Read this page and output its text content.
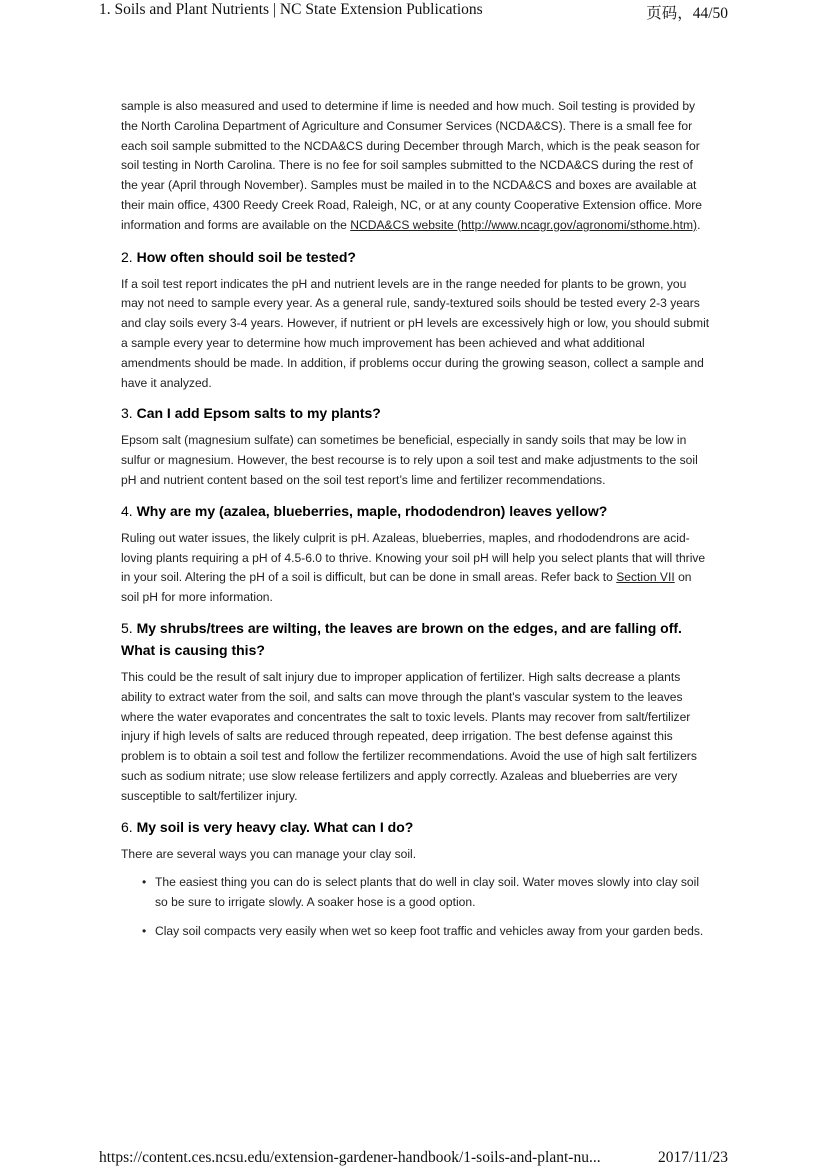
1. Soils and Plant Nutrients | NC State Extension Publications	页码，44/50

sample is also measured and used to determine if lime is needed and how much. Soil testing is provided by the North Carolina Department of Agriculture and Consumer Services (NCDA&CS). There is a small fee for each soil sample submitted to the NCDA&CS during December through March, which is the peak season for soil testing in North Carolina. There is no fee for soil samples submitted to the NCDA&CS during the rest of the year (April through November). Samples must be mailed in to the NCDA&CS and boxes are available at their main office, 4300 Reedy Creek Road, Raleigh, NC, or at any county Cooperative Extension office. More information and forms are available on the NCDA&CS website (http://www.ncagr.gov/agronomi/sthome.htm).

2. How often should soil be tested?

If a soil test report indicates the pH and nutrient levels are in the range needed for plants to be grown, you may not need to sample every year. As a general rule, sandy-textured soils should be tested every 2-3 years and clay soils every 3-4 years. However, if nutrient or pH levels are excessively high or low, you should submit a sample every year to determine how much improvement has been achieved and what additional amendments should be made. In addition, if problems occur during the growing season, collect a sample and have it analyzed.

3. Can I add Epsom salts to my plants?

Epsom salt (magnesium sulfate) can sometimes be beneficial, especially in sandy soils that may be low in sulfur or magnesium. However, the best recourse is to rely upon a soil test and make adjustments to the soil pH and nutrient content based on the soil test report’s lime and fertilizer recommendations.

4. Why are my (azalea, blueberries, maple, rhododendron) leaves yellow?

Ruling out water issues, the likely culprit is pH. Azaleas, blueberries, maples, and rhododendrons are acid-loving plants requiring a pH of 4.5-6.0 to thrive. Knowing your soil pH will help you select plants that will thrive in your soil. Altering the pH of a soil is difficult, but can be done in small areas. Refer back to Section VII on soil pH for more information.

5. My shrubs/trees are wilting, the leaves are brown on the edges, and are falling off. What is causing this?

This could be the result of salt injury due to improper application of fertilizer. High salts decrease a plants ability to extract water from the soil, and salts can move through the plant's vascular system to the leaves where the water evaporates and concentrates the salt to toxic levels. Plants may recover from salt/fertilizer injury if high levels of salts are reduced through repeated, deep irrigation. The best defense against this problem is to obtain a soil test and follow the fertilizer recommendations. Avoid the use of high salt fertilizers such as sodium nitrate; use slow release fertilizers and apply correctly. Azaleas and blueberries are very susceptible to salt/fertilizer injury.

6. My soil is very heavy clay. What can I do?

There are several ways you can manage your clay soil.

• The easiest thing you can do is select plants that do well in clay soil. Water moves slowly into clay soil so be sure to irrigate slowly. A soaker hose is a good option.
• Clay soil compacts very easily when wet so keep foot traffic and vehicles away from your garden beds.
https://content.ces.ncsu.edu/extension-gardener-handbook/1-soils-and-plant-nu...	2017/11/23
